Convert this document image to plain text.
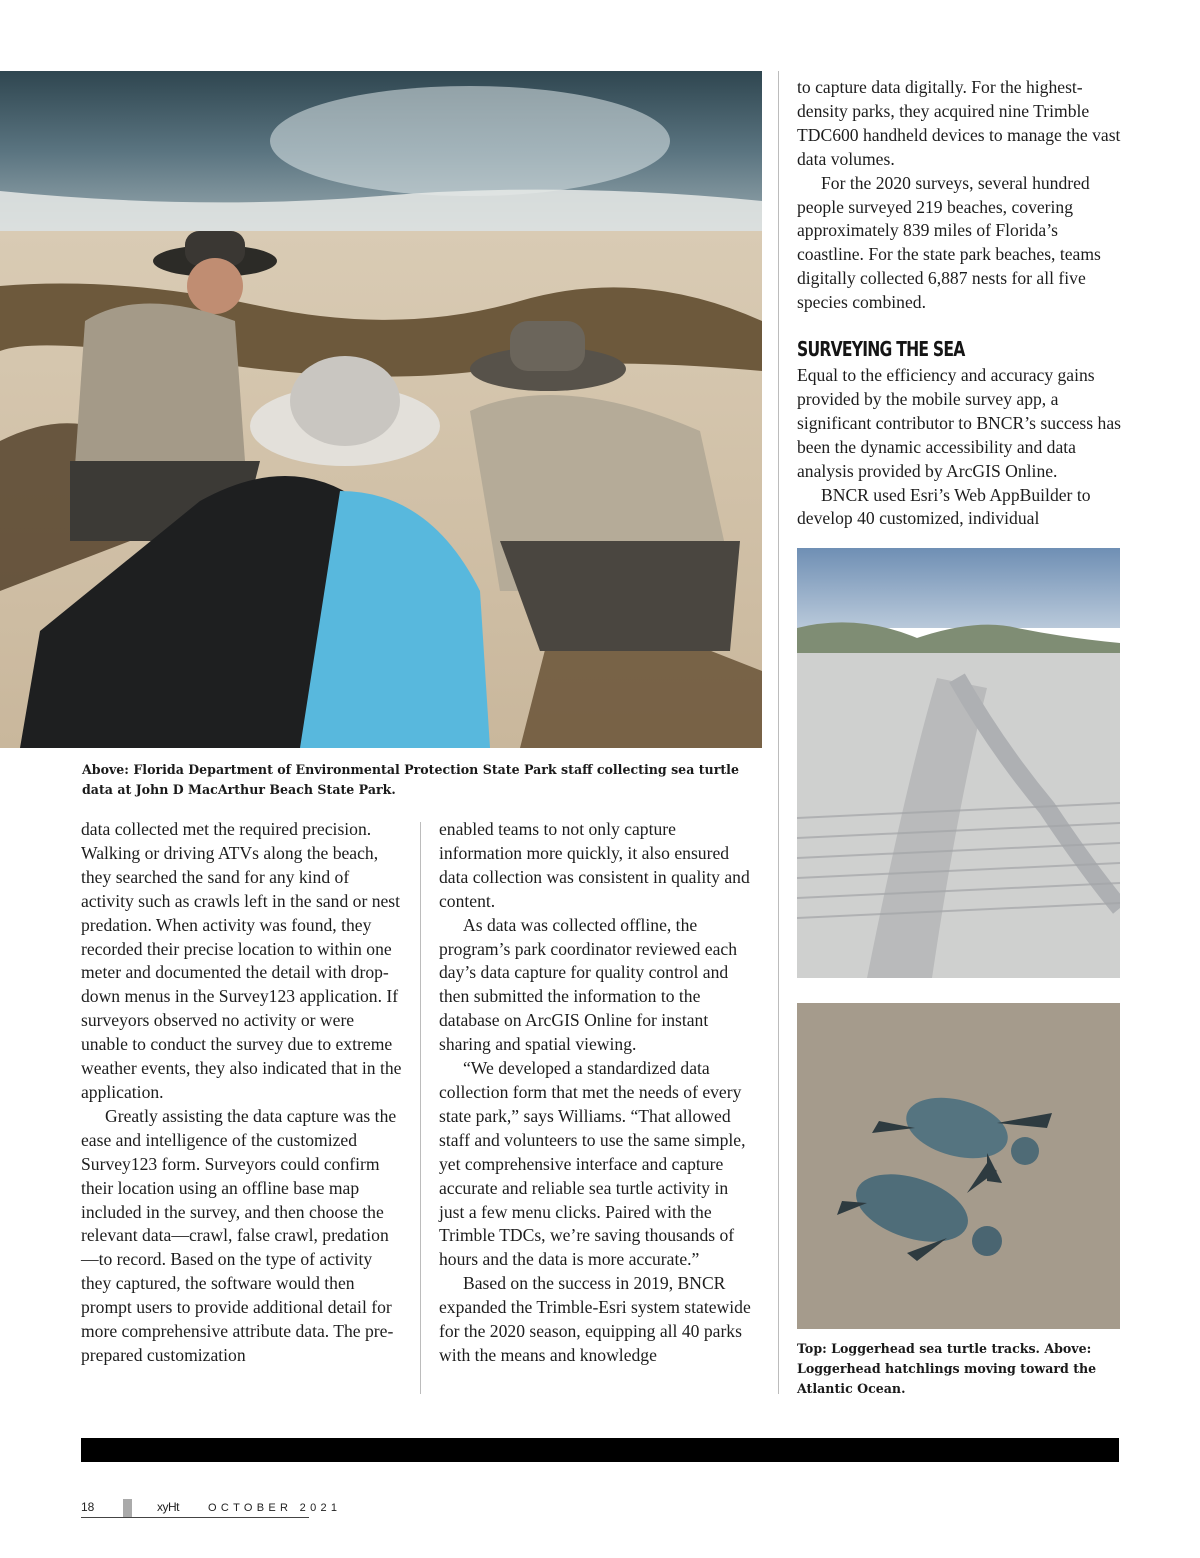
Above: Florida Department of Environmental Protection State Park staff collecting sea turtle data at John D MacArthur Beach State Park.

Top: Loggerhead sea turtle tracks. Above: Loggerhead hatchlings moving toward the Atlantic Ocean.

to capture data digitally. For the highest-density parks, they acquired nine Trimble TDC600 handheld devices to manage the vast data volumes.

For the 2020 surveys, several hundred people surveyed 219 beaches, covering approximately 839 miles of Florida’s coastline. For the state park beaches, teams digitally collected 6,887 nests for all five species combined.

SURVEYING THE SEA

Equal to the efficiency and accuracy gains provided by the mobile survey app, a significant contributor to BNCR’s success has been the dynamic accessibility and data analysis provided by ArcGIS Online.

BNCR used Esri’s Web AppBuilder to develop 40 customized, individual

data collected met the required precision. Walking or driving ATVs along the beach, they searched the sand for any kind of activity such as crawls left in the sand or nest predation. When activity was found, they recorded their precise location to within one meter and documented the detail with drop-down menus in the Survey123 application. If surveyors observed no activity or were unable to conduct the survey due to extreme weather events, they also indicated that in the application.

Greatly assisting the data capture was the ease and intelligence of the customized Survey123 form. Surveyors could confirm their location using an offline base map included in the survey, and then choose the relevant data—crawl, false crawl, predation—to record. Based on the type of activity they captured, the software would then prompt users to provide additional detail for more comprehensive attribute data. The pre-prepared customization

enabled teams to not only capture information more quickly, it also ensured data collection was consistent in quality and content.

As data was collected offline, the program’s park coordinator reviewed each day’s data capture for quality control and then submitted the information to the database on ArcGIS Online for instant sharing and spatial viewing.

“We developed a standardized data collection form that met the needs of every state park,” says Williams. “That allowed staff and volunteers to use the same simple, yet comprehensive interface and capture accurate and reliable sea turtle activity in just a few menu clicks. Paired with the Trimble TDCs, we’re saving thousands of hours and the data is more accurate.”

Based on the success in 2019, BNCR expanded the Trimble-Esri system statewide for the 2020 season, equipping all 40 parks with the means and knowledge

18	xyHt	OCTOBER 2021
